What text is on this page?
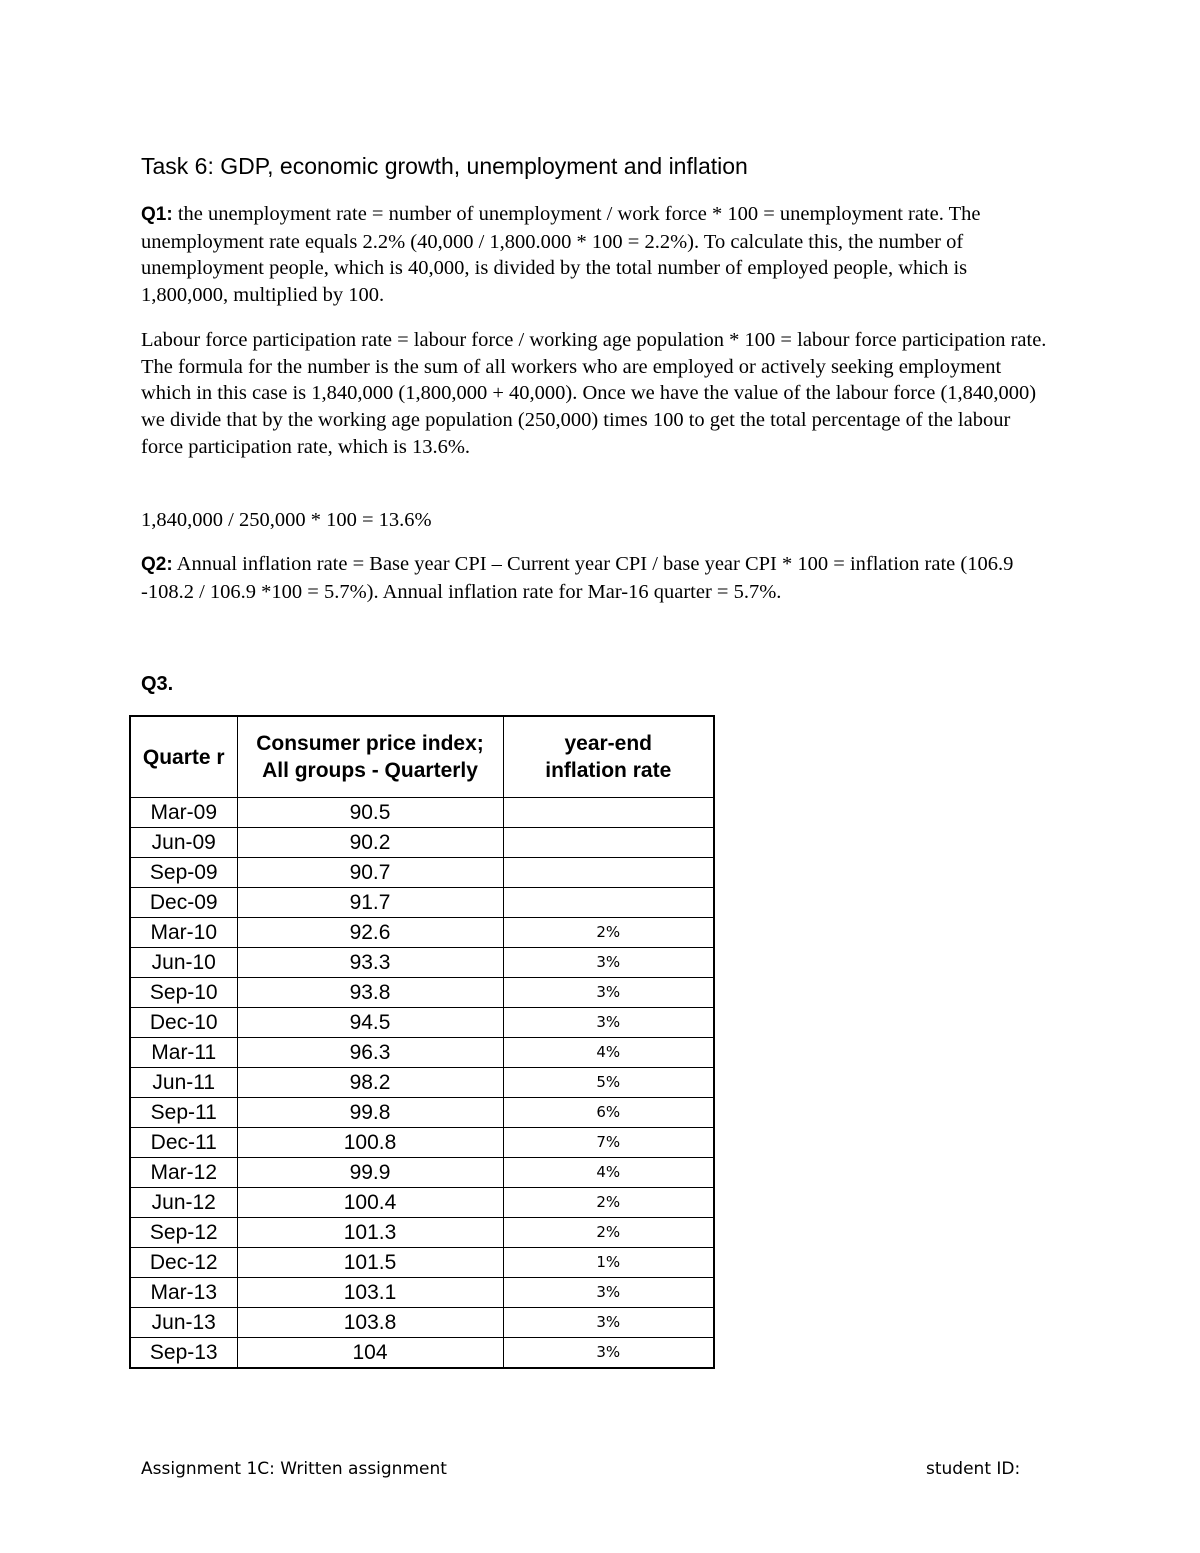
Task 6: GDP, economic growth, unemployment and inflation

Q1: the unemployment rate = number of unemployment / work force * 100 = unemployment rate. The unemployment rate equals 2.2% (40,000 / 1,800.000 * 100 = 2.2%). To calculate this, the number of unemployment people, which is 40,000, is divided by the total number of employed people, which is 1,800,000, multiplied by 100.

Labour force participation rate = labour force / working age population * 100 = labour force participation rate. The formula for the number is the sum of all workers who are employed or actively seeking employment which in this case is 1,840,000 (1,800,000 + 40,000). Once we have the value of the labour force (1,840,000) we divide that by the working age population (250,000) times 100 to get the total percentage of the labour force participation rate, which is 13.6%.

1,840,000 / 250,000 * 100 = 13.6%

Q2: Annual inflation rate = Base year CPI – Current year CPI / base year CPI * 100 = inflation rate (106.9 -108.2 / 106.9 *100 = 5.7%). Annual inflation rate for Mar-16 quarter = 5.7%.

Q3.
Quarte r	Consumer price index; All groups - Quarterly	year-end inflation rate
Mar-09	90.5	
Jun-09	90.2	
Sep-09	90.7	
Dec-09	91.7	
Mar-10	92.6	2%
Jun-10	93.3	3%
Sep-10	93.8	3%
Dec-10	94.5	3%
Mar-11	96.3	4%
Jun-11	98.2	5%
Sep-11	99.8	6%
Dec-11	100.8	7%
Mar-12	99.9	4%
Jun-12	100.4	2%
Sep-12	101.3	2%
Dec-12	101.5	1%
Mar-13	103.1	3%
Jun-13	103.8	3%
Sep-13	104	3%
Assignment 1C: Written assignment	student ID:
